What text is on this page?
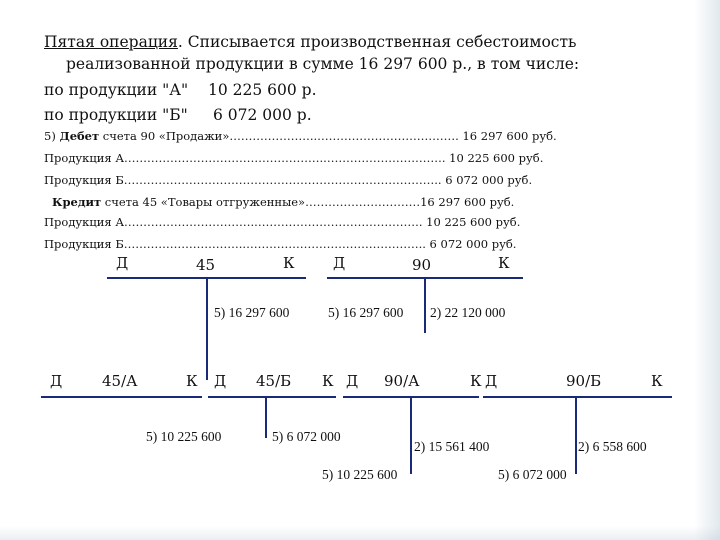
Пятая операция. Списывается производственная себестоимость
реализованной продукции в сумме 16 297 600 р., в том числе:
по продукции "А" 10 225 600 р.
по продукции "Б" 6 072 000 р.
5) Дебет счета 90 «Продажи»…………………..………………………………. 16 297 600 руб.
Продукция А……………………………………………..…………………………. 10 225 600 руб.
Продукция Б……………………………………………………………………….. 6 072 000 руб.
Кредит счета 45 «Товары отгруженные»…………………………16 297 600 руб.
Продукция А……………………………..……………………………………. 10 225 600 руб.
Продукция Б…………………………..……………………………………….. 6 072 000 руб.
Д	45	К
5) 16 297 600
Д	90	К
5) 16 297 600 2) 22 120 000
Д	45/А	К Д 45/Б К
5) 10 225 600	5) 6 072 000
Д 90/А	К
2) 15 561 400
5) 10 225 600
Д	90/Б	К
2) 6 558 600
5) 6 072 000
